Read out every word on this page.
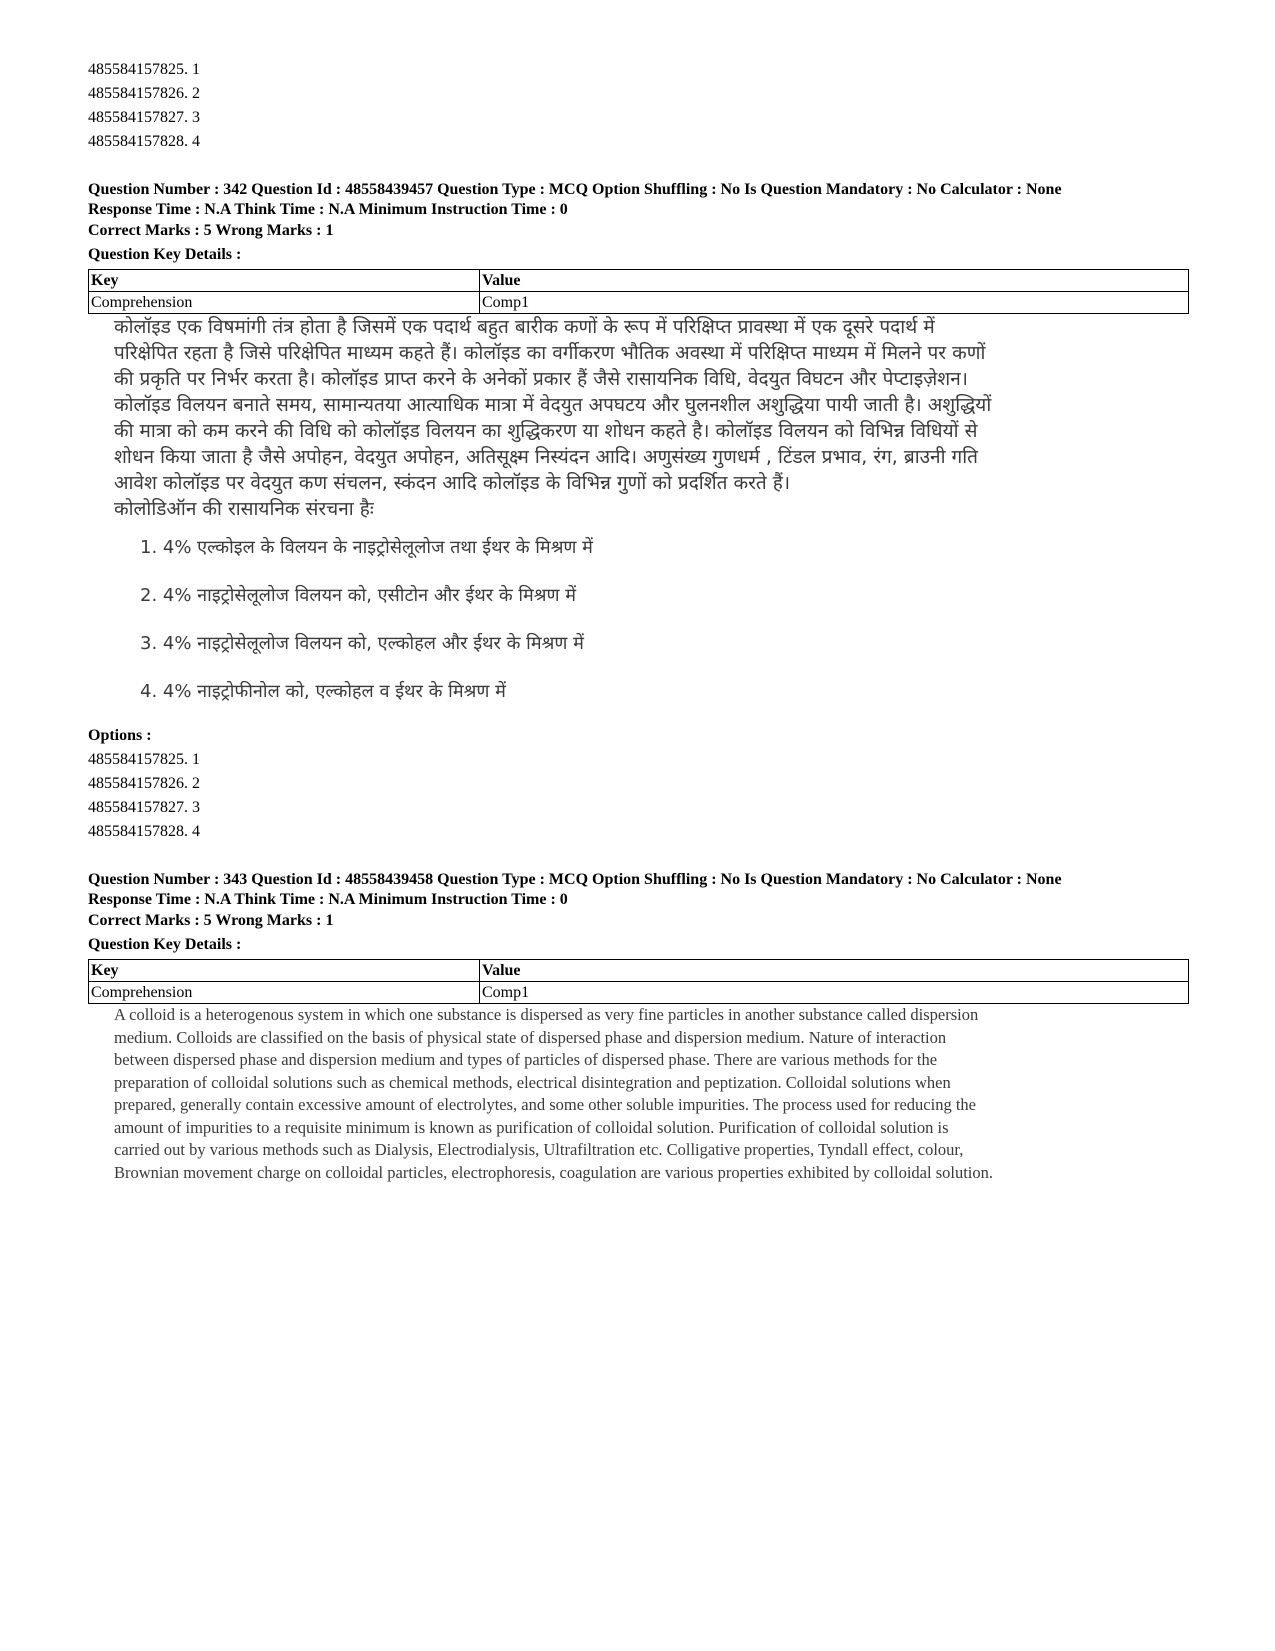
485584157825. 1
485584157826. 2
485584157827. 3
485584157828. 4
Question Number : 342 Question Id : 48558439457 Question Type : MCQ Option Shuffling : No Is Question Mandatory : No Calculator : None
Response Time : N.A Think Time : N.A Minimum Instruction Time : 0
Correct Marks : 5 Wrong Marks : 1
Question Key Details :
Key	Value
Comprehension	Comp1

कोलॉइड एक विषमांगी तंत्र होता है जिसमें एक पदार्थ बहुत बारीक कणों के रूप में परिक्षिप्त प्रावस्था में एक दूसरे पदार्थ में परिक्षेपित रहता है जिसे परिक्षेपित माध्यम कहते हैं। कोलॉइड का वर्गीकरण भौतिक अवस्था में परिक्षिप्त माध्यम में मिलने पर कणों की प्रकृति पर निर्भर करता है। कोलॉइड प्राप्त करने के अनेकों प्रकार हैं जैसे रासायनिक विधि, वेदयुत विघटन और पेप्टाइज़ेशन। कोलॉइड विलयन बनाते समय, सामान्यतया आत्याधिक मात्रा में वेदयुत अपघटय और घुलनशील अशुद्धिया पायी जाती है। अशुद्धियों की मात्रा को कम करने की विधि को कोलॉइड विलयन का शुद्धिकरण या शोधन कहते है। कोलॉइड विलयन को विभिन्न विधियों से शोधन किया जाता है जैसे अपोहन, वेदयुत अपोहन, अतिसूक्ष्म निस्यंदन आदि। अणुसंख्य गुणधर्म , टिंडल प्रभाव, रंग, ब्राउनी गति आवेश कोलॉइड पर वेदयुत कण संचलन, स्कंदन आदि कोलॉइड के विभिन्न गुणों को प्रदर्शित करते हैं।

कोलोडिऑन की रासायनिक संरचना हैः

1. 4% एल्कोइल के विलयन के नाइट्रोसेलूलोज तथा ईथर के मिश्रण में
2. 4% नाइट्रोसेलूलोज विलयन को, एसीटोन और ईथर के मिश्रण में
3. 4% नाइट्रोसेलूलोज विलयन को, एल्कोहल और ईथर के मिश्रण में
4. 4% नाइट्रोफीनोल को, एल्कोहल व ईथर के मिश्रण में
Options :
485584157825. 1
485584157826. 2
485584157827. 3
485584157828. 4
Question Number : 343 Question Id : 48558439458 Question Type : MCQ Option Shuffling : No Is Question Mandatory : No Calculator : None
Response Time : N.A Think Time : N.A Minimum Instruction Time : 0
Correct Marks : 5 Wrong Marks : 1
Question Key Details :
Key	Value
Comprehension	Comp1

A colloid is a heterogenous system in which one substance is dispersed as very fine particles in another substance called dispersion medium. Colloids are classified on the basis of physical state of dispersed phase and dispersion medium. Nature of interaction between dispersed phase and dispersion medium and types of particles of dispersed phase. There are various methods for the preparation of colloidal solutions such as chemical methods, electrical disintegration and peptization. Colloidal solutions when prepared, generally contain excessive amount of electrolytes, and some other soluble impurities. The process used for reducing the amount of impurities to a requisite minimum is known as purification of colloidal solution. Purification of colloidal solution is carried out by various methods such as Dialysis, Electrodialysis, Ultrafiltration etc. Colligative properties, Tyndall effect, colour, Brownian movement charge on colloidal particles, electrophoresis, coagulation are various properties exhibited by colloidal solution.
